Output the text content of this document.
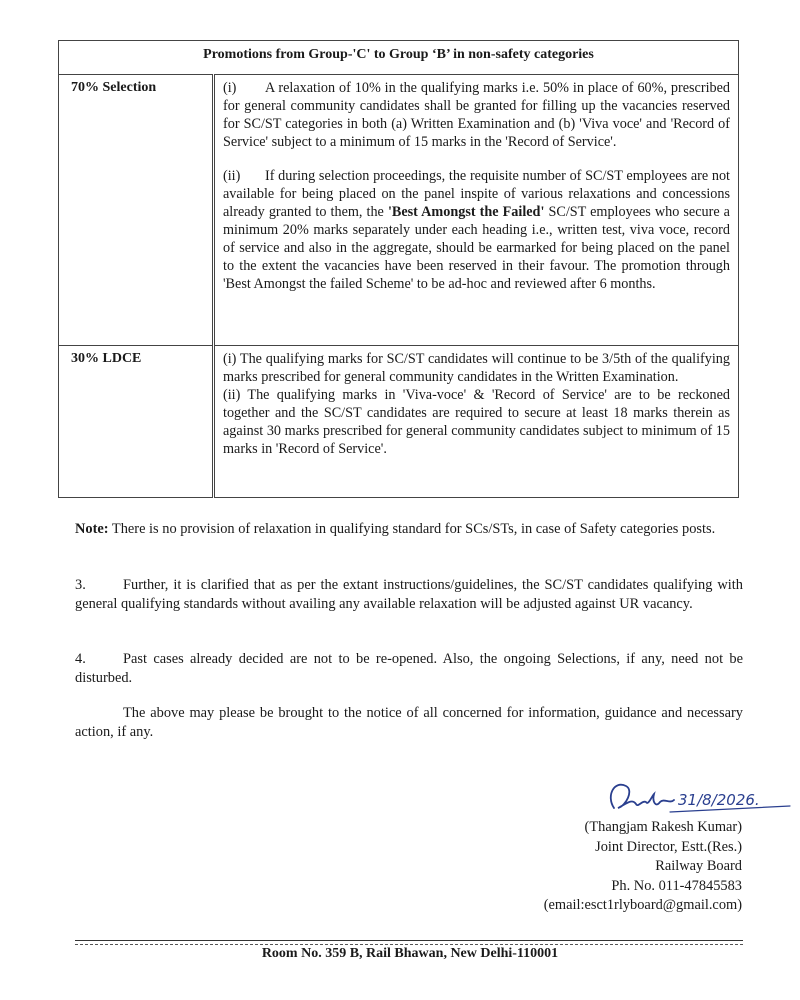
Promotions from Group-'C' to Group ‘B’ in non-safety categories	
70% Selection	(i) A relaxation of 10% in the qualifying marks i.e. 50% in place of 60%, prescribed for general community candidates shall be granted for filling up the vacancies reserved for SC/ST categories in both (a) Written Examination and (b) 'Viva voce' and 'Record of Service' subject to a minimum of 15 marks in the 'Record of Service'.

(ii) If during selection proceedings, the requisite number of SC/ST employees are not available for being placed on the panel inspite of various relaxations and concessions already granted to them, the 'Best Amongst the Failed' SC/ST employees who secure a minimum 20% marks separately under each heading i.e., written test, viva voce, record of service and also in the aggregate, should be earmarked for being placed on the panel to the extent the vacancies have been reserved in their favour. The promotion through 'Best Amongst the failed Scheme' to be ad-hoc and reviewed after 6 months.

30% LDCE	(i) The qualifying marks for SC/ST candidates will continue to be 3/5th of the qualifying marks prescribed for general community candidates in the Written Examination.

(ii) The qualifying marks in 'Viva-voce' & 'Record of Service' are to be reckoned together and the SC/ST candidates are required to secure at least 18 marks therein as against 30 marks prescribed for general community candidates subject to minimum of 15 marks in 'Record of Service'.

Note: There is no provision of relaxation in qualifying standard for SCs/STs, in case of Safety categories posts.

3.	Further, it is clarified that as per the extant instructions/guidelines, the SC/ST candidates qualifying with general qualifying standards without availing any available relaxation will be adjusted against UR vacancy.

4.	Past cases already decided are not to be re-opened. Also, the ongoing Selections, if any, need not be disturbed.

The above may please be brought to the notice of all concerned for information, guidance and necessary action, if any.

31/8/2026.
(Thangjam Rakesh Kumar)
Joint Director, Estt.(Res.)
Railway Board
Ph. No. 011-47845583
(email:esct1rlyboard@gmail.com)
Room No. 359 B, Rail Bhawan, New Delhi-110001
